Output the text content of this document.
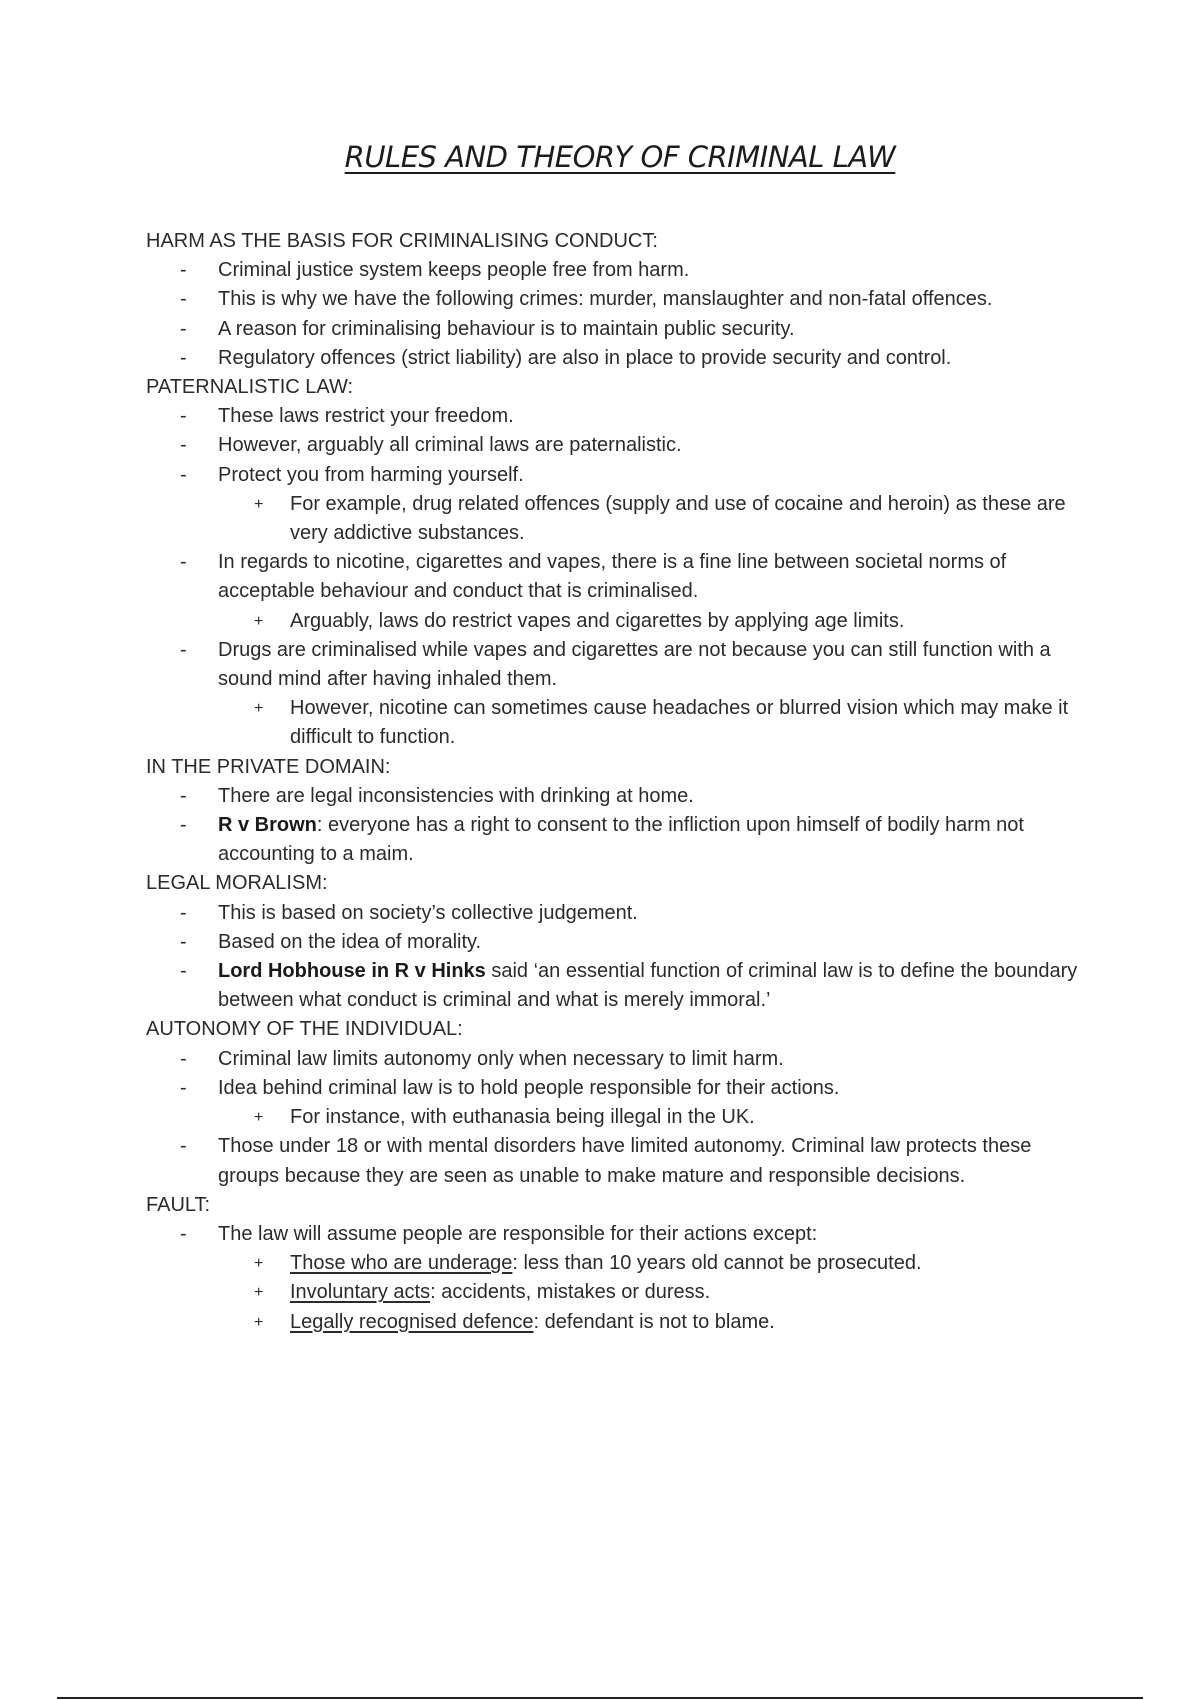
RULES AND THEORY OF CRIMINAL LAW
HARM AS THE BASIS FOR CRIMINALISING CONDUCT:
- Criminal justice system keeps people free from harm.
- This is why we have the following crimes: murder, manslaughter and non-fatal offences.
- A reason for criminalising behaviour is to maintain public security.
- Regulatory offences (strict liability) are also in place to provide security and control.
PATERNALISTIC LAW:
- These laws restrict your freedom.
- However, arguably all criminal laws are paternalistic.
- Protect you from harming yourself.
+ For example, drug related offences (supply and use of cocaine and heroin) as these are very addictive substances.
- In regards to nicotine, cigarettes and vapes, there is a fine line between societal norms of acceptable behaviour and conduct that is criminalised.
+ Arguably, laws do restrict vapes and cigarettes by applying age limits.
- Drugs are criminalised while vapes and cigarettes are not because you can still function with a sound mind after having inhaled them.
+ However, nicotine can sometimes cause headaches or blurred vision which may make it difficult to function.
IN THE PRIVATE DOMAIN:
- There are legal inconsistencies with drinking at home.
- R v Brown: everyone has a right to consent to the infliction upon himself of bodily harm not accounting to a maim.
LEGAL MORALISM:
- This is based on society’s collective judgement.
- Based on the idea of morality.
- Lord Hobhouse in R v Hinks said ‘an essential function of criminal law is to define the boundary between what conduct is criminal and what is merely immoral.’
AUTONOMY OF THE INDIVIDUAL:
- Criminal law limits autonomy only when necessary to limit harm.
- Idea behind criminal law is to hold people responsible for their actions.
+ For instance, with euthanasia being illegal in the UK.
- Those under 18 or with mental disorders have limited autonomy. Criminal law protects these groups because they are seen as unable to make mature and responsible decisions.
FAULT:
- The law will assume people are responsible for their actions except:
+ Those who are underage: less than 10 years old cannot be prosecuted.
+ Involuntary acts: accidents, mistakes or duress.
+ Legally recognised defence: defendant is not to blame.
